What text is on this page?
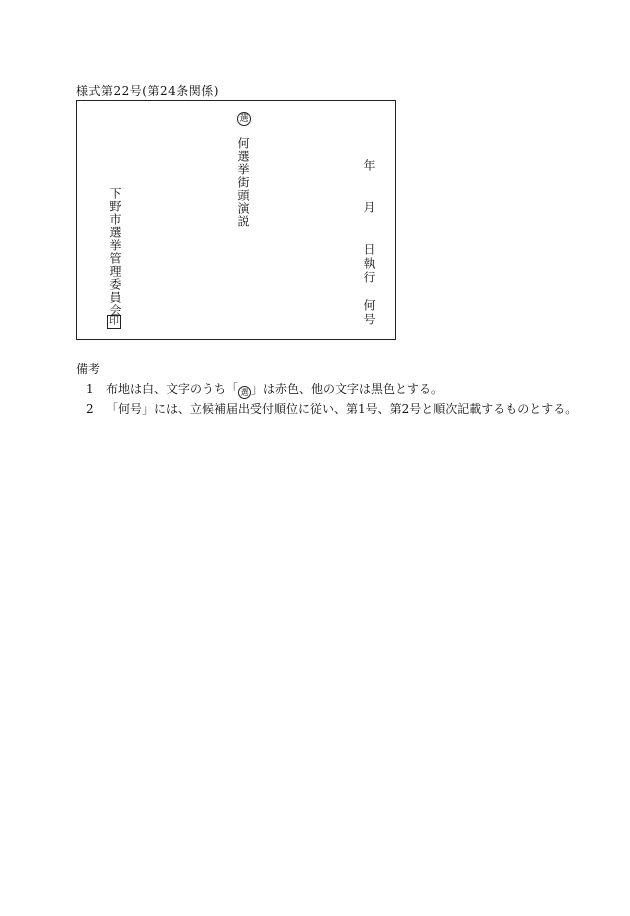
様式第22号(第24条関係)
選
何選挙街頭演説
下野市選挙管理委員会
印	年　　月　　日執行　何号
備考
1 布地は白、文字のうち「 選 」は赤色、他の文字は黒色とする。
2 「何号」には、立候補届出受付順位に従い、第1号、第2号と順次記載するものとする。
